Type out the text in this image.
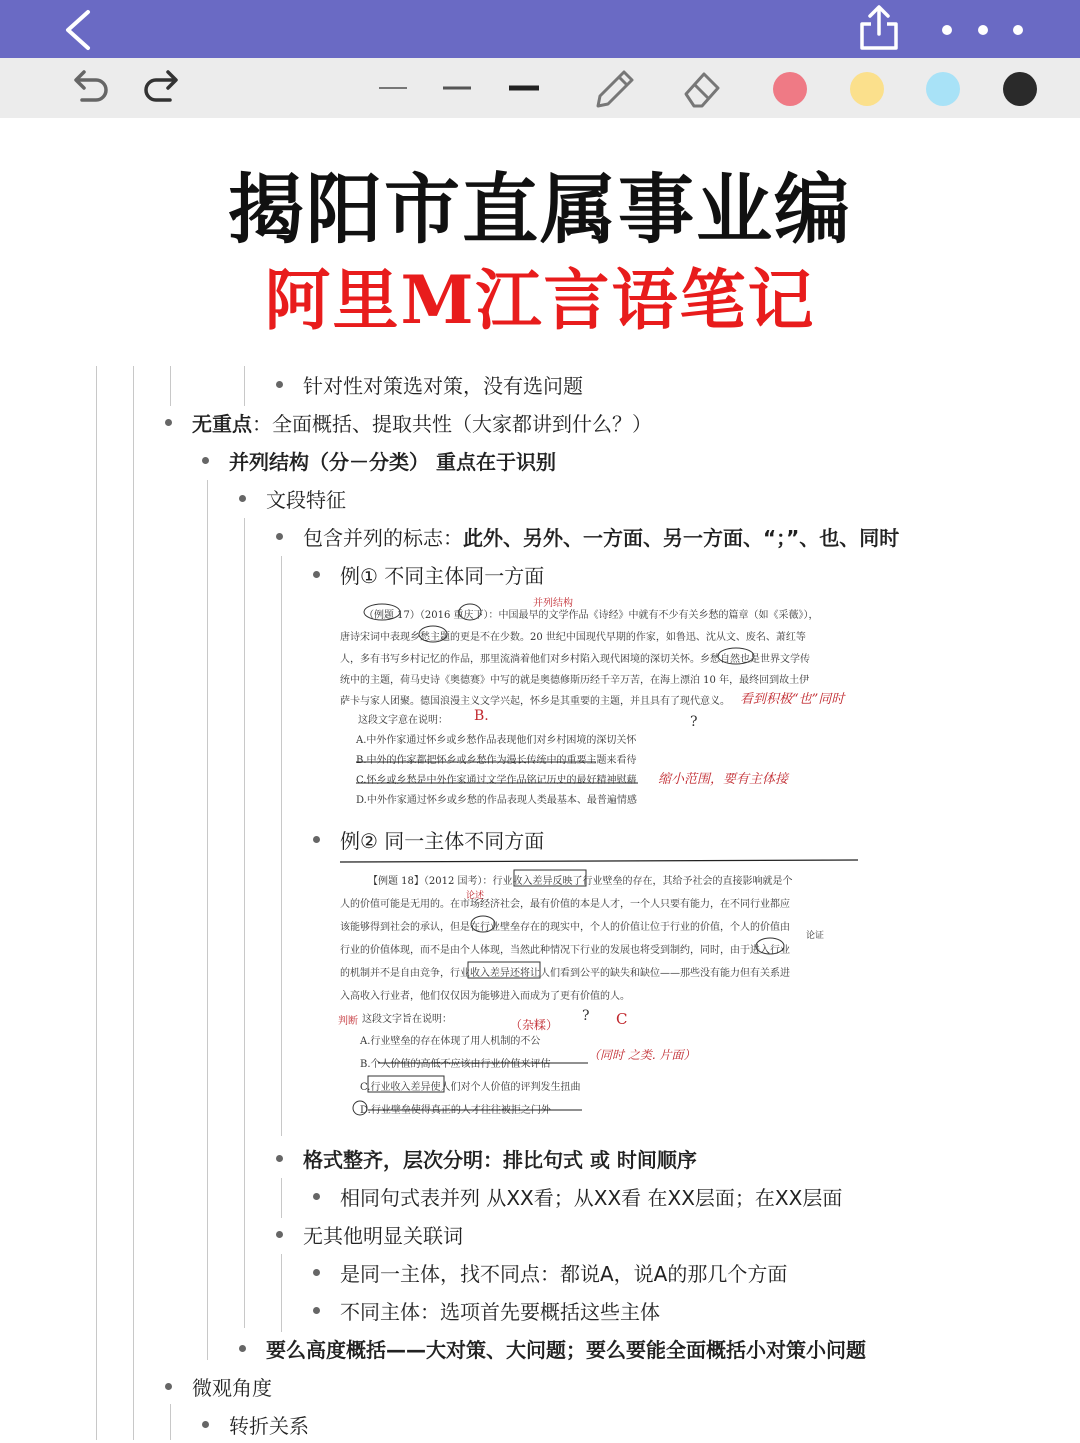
揭阳市直属事业编
阿里M江言语笔记
针对性对策选对策，没有选问题
无重点 ：全面概括、提取共性（大家都讲到什么？）
并列结构（分－分类） 重点在于识别
文段特征
包含并列的标志： 此外、另外、一方面、另一方面、“；”、也、同时
例① 不同主体同一方面
并列结构
（例题 17）（2016 重庆下）：中国最早的文学作品《诗经》中就有不少有关乡愁的篇章（如《采薇》），
唐诗宋词中表现乡愁主题的更是不在少数。20 世纪中国现代早期的作家，如鲁迅、沈从文、废名、萧红等
人，多有书写乡村记忆的作品，那里流淌着他们对乡村陷入现代困境的深切关怀。乡愁自然也是世界文学传
统中的主题，荷马史诗《奥德赛》中写的就是奥德修斯历经千辛万苦，在海上漂泊 10 年，最终回到故土伊
萨卡与家人团聚。德国浪漫主义文学兴起，怀乡是其重要的主题，并且具有了现代意义。 看到积极“也”同时
这段文字意在说明： B.	?
A.中外作家通过怀乡或乡愁作品表现他们对乡村困境的深切关怀
B.中外的作家都把怀乡或乡愁作为漫长传统中的重要主题来看待
C.怀乡或乡愁是中外作家通过文学作品铭记历史的最好精神慰藉 缩小范围，要有主体接
D.中外作家通过怀乡或乡愁的作品表现人类最基本、最普遍情感
例② 同一主体不同方面
【例题 18】（2012 国考）：行业收入差异反映了行业壁垒的存在，其给予社会的直接影响就是个
论述
人的价值可能是无用的。在市场经济社会，最有价值的本是人才，一个人只要有能力，在不同行业都应
该能够得到社会的承认，但是在行业壁垒存在的现实中，个人的价值让位于行业的价值，个人的价值由
行业的价值体现，而不是由个人体现，当然此种情况下行业的发展也将受到制约，同时，由于进入行业
论证
的机制并不是自由竞争，行业收入差异还将让人们看到公平的缺失和缺位——那些没有能力但有关系进
入高收入行业者，他们仅仅因为能够进入而成为了更有价值的人。
判断 这段文字旨在说明：	（杂糅）
? C
A.行业壁垒的存在体现了用人机制的不公
B.个人价值的高低不应该由行业价值来评估
（同时 之类. 片面）
C.行业收入差异使人们对个人价值的评判发生扭曲
D.行业壁垒使得真正的人才往往被拒之门外
格式整齐，层次分明：排比句式 或 时间顺序
相同句式表并列 从XX看；从XX看 在XX层面；在XX层面
无其他明显关联词
是同一主体，找不同点：都说A，说A的那几个方面
不同主体：选项首先要概括这些主体
要么高度概括——大对策、大问题；要么要能全面概括小对策小问题
微观角度
转折关系
